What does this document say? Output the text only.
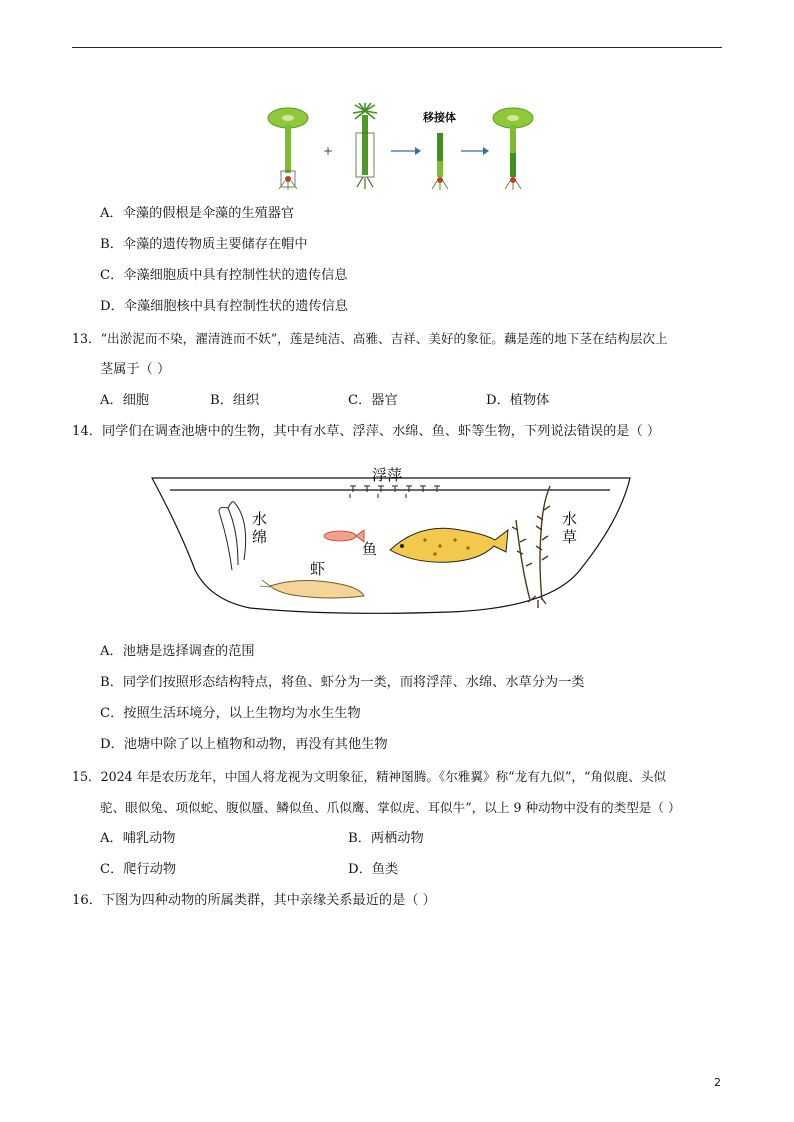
+
移接体
A．伞藻的假根是伞藻的生殖器官
B．伞藻的遗传物质主要储存在帽中
C．伞藻细胞质中具有控制性状的遗传信息
D．伞藻细胞核中具有控制性状的遗传信息
13．“出淤泥而不染，濯清涟而不妖”，莲是纯洁、高雅、吉祥、美好的象征。藕是莲的地下茎在结构层次上
茎属于（ ）
A．细胞	B．组织	C．器官	D．植物体
14．同学们在调查池塘中的生物，其中有水草、浮萍、水绵、鱼、虾等生物，下列说法错误的是（ ）
浮萍
水
绵
鱼
虾
水
草
A．池塘是选择调查的范围
B．同学们按照形态结构特点，将鱼、虾分为一类，而将浮萍、水绵、水草分为一类
C．按照生活环境分，以上生物均为水生生物
D．池塘中除了以上植物和动物，再没有其他生物
15．2024 年是农历龙年，中国人将龙视为文明象征，精神图腾。《尔雅翼》称“龙有九似”，“角似鹿、头似
驼、眼似兔、项似蛇、腹似蜃、鳞似鱼、爪似鹰、掌似虎、耳似牛”，以上 9 种动物中没有的类型是（ ）
A．哺乳动物	B．两栖动物
C．爬行动物	D．鱼类
16．下图为四种动物的所属类群，其中亲缘关系最近的是（ ）
2
